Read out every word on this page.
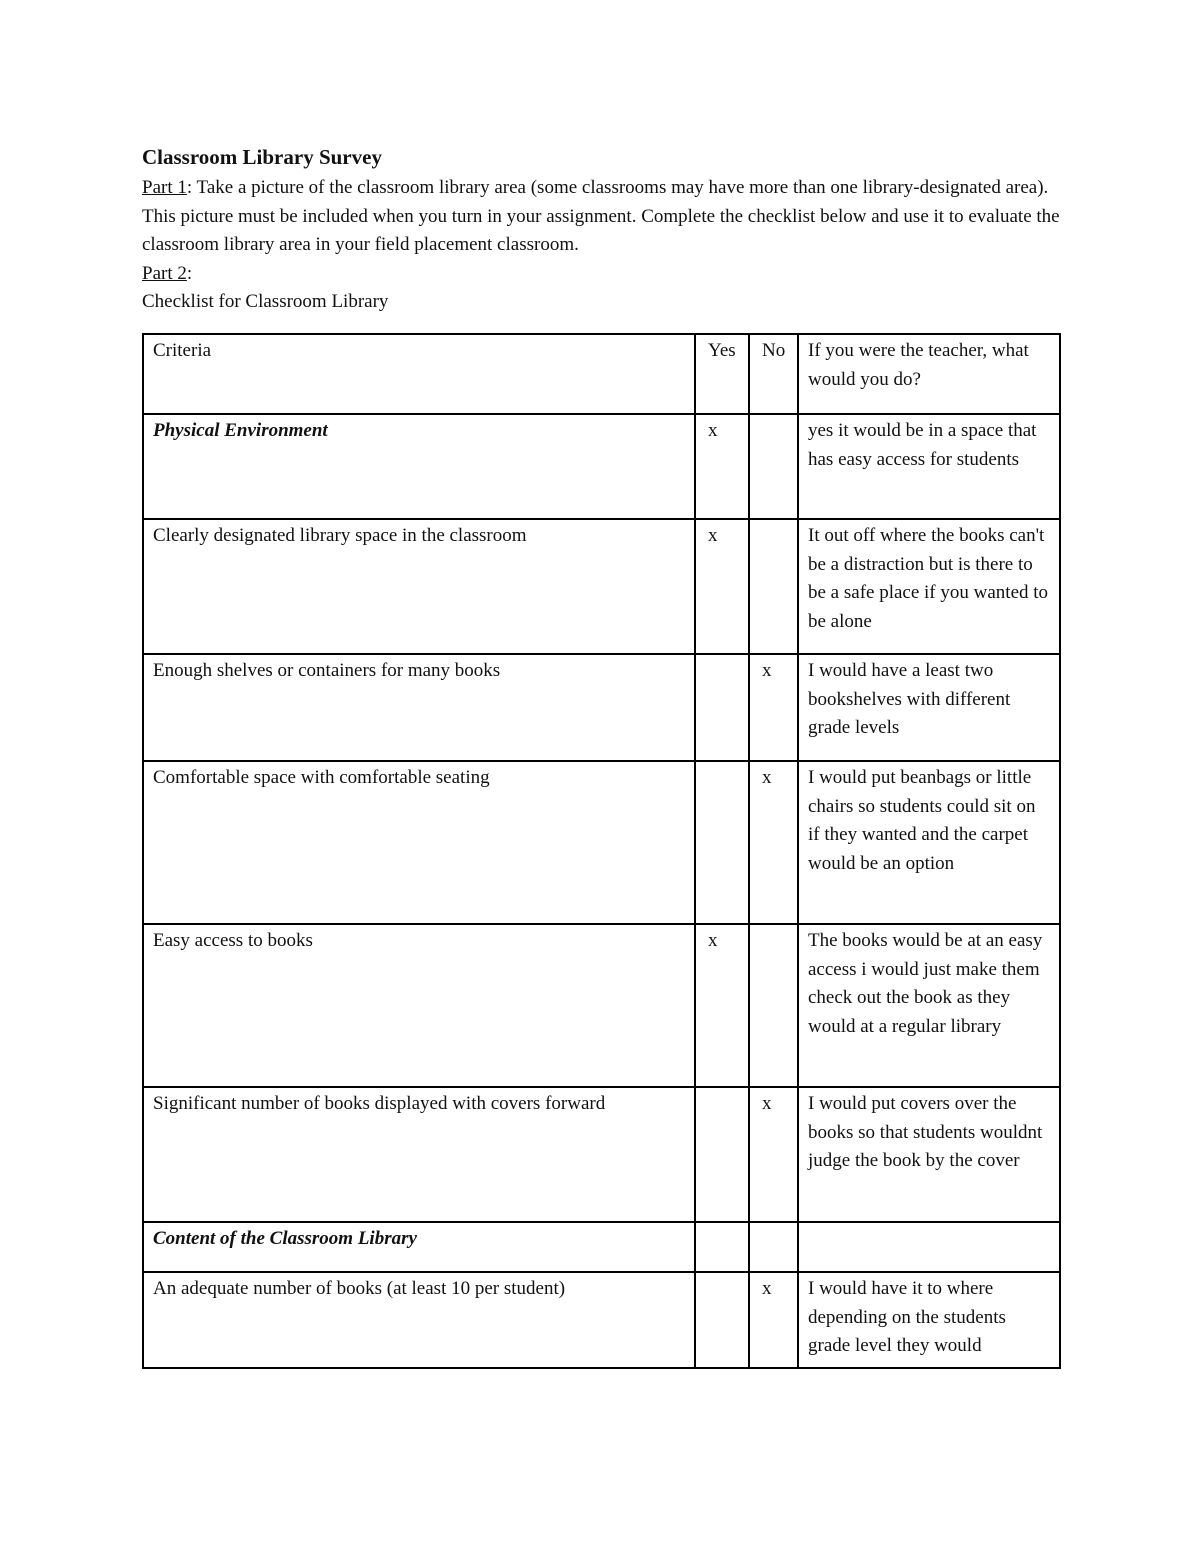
Classroom Library Survey

Part 1: Take a picture of the classroom library area (some classrooms may have more than one library-designated area). This picture must be included when you turn in your assignment. Complete the checklist below and use it to evaluate the classroom library area in your field placement classroom.

Part 2:

Checklist for Classroom Library

Criteria	Yes	No	If you were the teacher, what would you do?
Physical Environment	x		yes it would be in a space that has easy access for students
Clearly designated library space in the classroom	x		It out off where the books can't be a distraction but is there to be a safe place if you wanted to be alone
Enough shelves or containers for many books		x	I would have a least two bookshelves with different grade levels
Comfortable space with comfortable seating		x	I would put beanbags or little chairs so students could sit on if they wanted and the carpet would be an option
Easy access to books	x		The books would be at an easy access i would just make them check out the book as they would at a regular library
Significant number of books displayed with covers forward		x	I would put covers over the books so that students wouldnt judge the book by the cover
Content of the Classroom Library			
An adequate number of books (at least 10 per student)		x	I would have it to where depending on the students grade level they would
